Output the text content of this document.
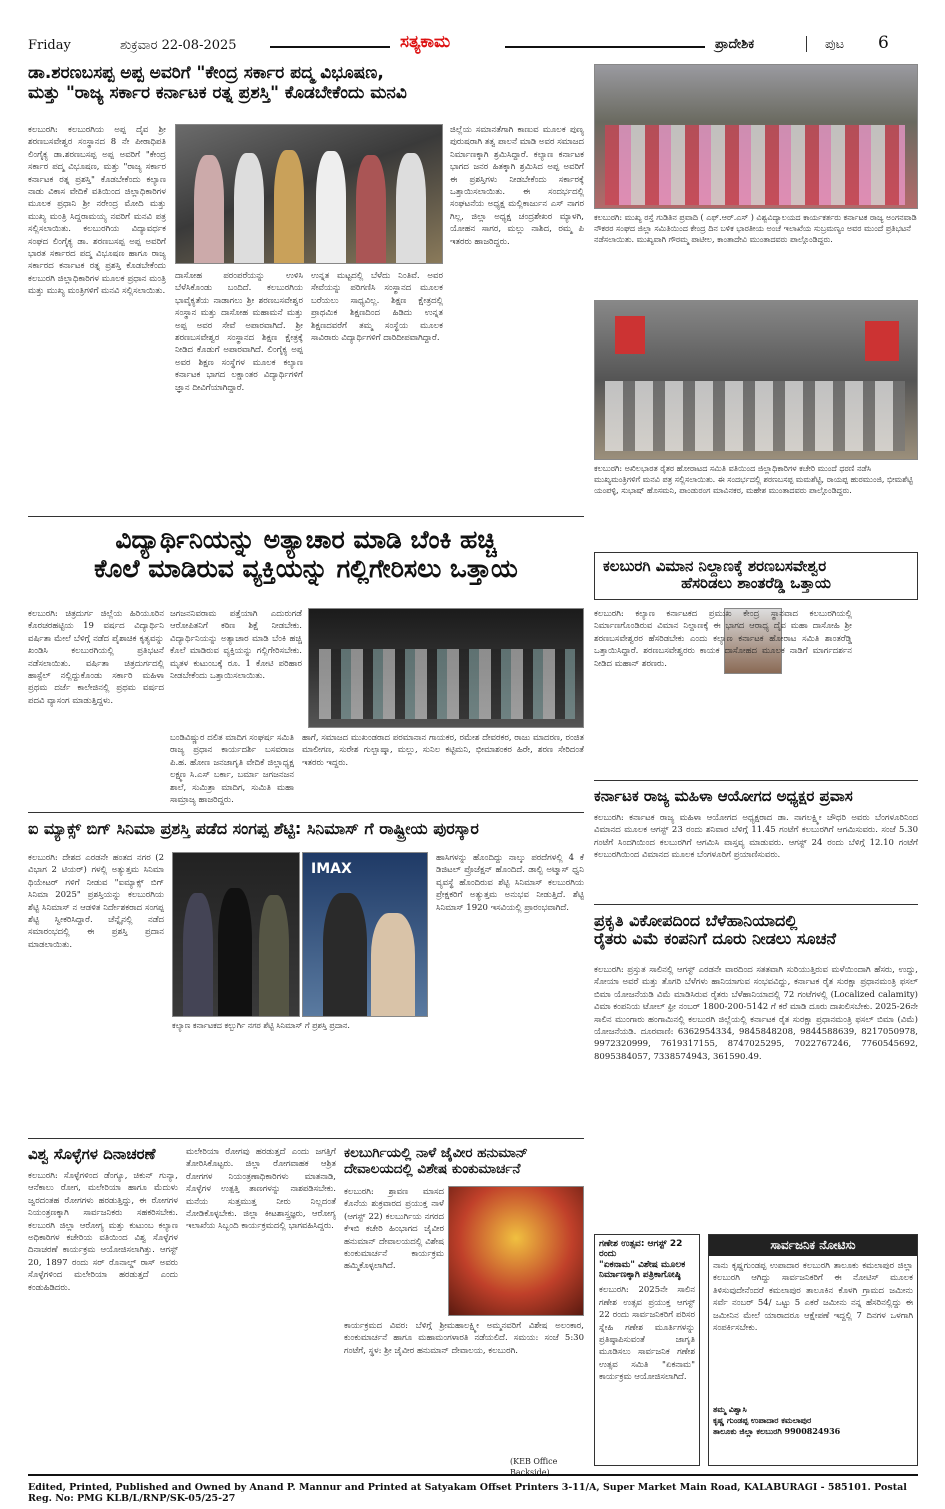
Friday	ಶುಕ್ರವಾರ 22-08-2025	ಸತ್ಯಕಾಮ	ಪ್ರಾದೇಶಿಕ	ಪುಟ 6
ಡಾ.ಶರಣಬಸಪ್ಪ ಅಪ್ಪ ಅವರಿಗೆ "ಕೇಂದ್ರ ಸರ್ಕಾರ ಪದ್ಮ ವಿಭೂಷಣ,
ಮತ್ತು "ರಾಜ್ಯ ಸರ್ಕಾರ ಕರ್ನಾಟಕ ರತ್ನ ಪ್ರಶಸ್ತಿ" ಕೊಡಬೇಕೆಂದು ಮನವಿ
ಕಲಬುರಗಿ: ಕಲಬುರಗಿಯ ಅಪ್ಪ ದೈವ ಶ್ರೀ ಶರಣಬಸವೇಶ್ವರ ಸಂಸ್ಥಾನದ 8 ನೇ ಪೀಠಾಧಿಪತಿ ಲಿಂಗೈಕ್ಯ ಡಾ.ಶರಣಬಸಪ್ಪ ಅಪ್ಪ ಅವರಿಗೆ "ಕೇಂದ್ರ ಸರ್ಕಾರ ಪದ್ಮ ವಿಭೂಷಣ, ಮತ್ತು "ರಾಜ್ಯ ಸರ್ಕಾರ ಕರ್ನಾಟಕ ರತ್ನ ಪ್ರಶಸ್ತಿ" ಕೊಡಬೇಕೆಂದು ಕಲ್ಯಾಣ ನಾಡು ವಿಕಾಸ ವೇದಿಕೆ ವತಿಯಿಂದ ಜಿಲ್ಲಾಧಿಕಾರಿಗಳ ಮೂಲಕ ಪ್ರಧಾನಿ ಶ್ರೀ ನರೇಂದ್ರ ಮೋದಿ ಮತ್ತು ಮುಖ್ಯ ಮಂತ್ರಿ ಸಿದ್ದರಾಮಯ್ಯ ನವರಿಗೆ ಮನವಿ ಪತ್ರ ಸಲ್ಲಿಸಲಾಯಿತು. ಕಲಬುರಗಿಯ ವಿದ್ಯಾವರ್ಧಕ ಸಂಘದ ಲಿಂಗೈಕ್ಯ ಡಾ. ಶರಣಬಸಪ್ಪ ಅಪ್ಪ ಅವರಿಗೆ ಭಾರತ ಸರ್ಕಾರದ ಪದ್ಮ ವಿಭೂಷಣ ಹಾಗೂ ರಾಜ್ಯ ಸರ್ಕಾರದ ಕರ್ನಾಟಕ ರತ್ನ ಪ್ರಶಸ್ತಿ ಕೊಡಬೇಕೆಂದು ಕಲಬುರಗಿ ಜಿಲ್ಲಾಧಿಕಾರಿಗಳ ಮೂಲಕ ಪ್ರಧಾನ ಮಂತ್ರಿ ಮತ್ತು ಮುಖ್ಯ ಮಂತ್ರಿಗಳಿಗೆ ಮನವಿ ಸಲ್ಲಿಸಲಾಯಿತು.
ದಾಸೋಹ ಪರಂಪರೆಯನ್ನು ಉಳಿಸಿ ಬೆಳೆಸಿಕೊಂಡು ಬಂದಿದೆ. ಕಲಬುರಗಿಯ ಭಾವೈಕ್ಯತೆಯ ನಾಡಾಗಲು ಶ್ರೀ ಶರಣಬಸವೇಶ್ವರ ಸಂಸ್ಥಾನ ಮತ್ತು ದಾಸೋಹ ಮಹಾಮನೆ ಮತ್ತು ಅಪ್ಪ ಅವರ ಸೇವೆ ಅಪಾರವಾಗಿದೆ. ಶ್ರೀ ಶರಣಬಸವೇಶ್ವರ ಸಂಸ್ಥಾನದ ಶಿಕ್ಷಣ ಕ್ಷೇತ್ರಕ್ಕೆ ನೀಡಿದ ಕೊಡುಗೆ ಅಪಾರವಾಗಿದೆ. ಲಿಂಗೈಕ್ಯ ಅಪ್ಪ ಅವರ ಶಿಕ್ಷಣ ಸಂಸ್ಥೆಗಳ ಮೂಲಕ ಕಲ್ಯಾಣ ಕರ್ನಾಟಕ ಭಾಗದ ಲಕ್ಷಾಂತರ ವಿದ್ಯಾರ್ಥಿಗಳಿಗೆ ಜ್ಞಾನ ದೀವಿಗೆಯಾಗಿದ್ದಾರೆ.
ಉನ್ನತ ಮಟ್ಟದಲ್ಲಿ ಬೆಳೆದು ನಿಂತಿವೆ. ಅವರ ಸೇವೆಯನ್ನು ಪರಿಗಣಿಸಿ ಸಂಸ್ಥಾನದ ಮೂಲಕ ಬರೆಯಲು ಸಾಧ್ಯವಿಲ್ಲ. ಶಿಕ್ಷಣ ಕ್ಷೇತ್ರದಲ್ಲಿ ಪ್ರಾಥಮಿಕ ಶಿಕ್ಷಣದಿಂದ ಹಿಡಿದು ಉನ್ನತ ಶಿಕ್ಷಣದವರೆಗೆ ತಮ್ಮ ಸಂಸ್ಥೆಯ ಮೂಲಕ ಸಾವಿರಾರು ವಿದ್ಯಾರ್ಥಿಗಳಿಗೆ ದಾರಿದೀಪವಾಗಿದ್ದಾರೆ.
ಜಿಲ್ಲೆಯ ಸಮಾನತೆಗಾಗಿ ಕಾಣುವ ಮೂಲಕ ಪುಣ್ಯ ಪುರುಷರಾಗಿ ತತ್ವ ಪಾಲನೆ ಮಾಡಿ ಅವರ ಸಮಾಜದ ನಿರ್ಮಾಣಕ್ಕಾಗಿ ಶ್ರಮಿಸಿದ್ದಾರೆ. ಕಲ್ಯಾಣ ಕರ್ನಾಟಕ ಭಾಗದ ಜನರ ಹಿತಕ್ಕಾಗಿ ಶ್ರಮಿಸಿದ ಅಪ್ಪ ಅವರಿಗೆ ಈ ಪ್ರಶಸ್ತಿಗಳು ನೀಡಬೇಕೆಂದು ಸರ್ಕಾರಕ್ಕೆ ಒತ್ತಾಯಿಸಲಾಯಿತು. ಈ ಸಂದರ್ಭದಲ್ಲಿ ಸಂಘಟನೆಯ ಅಧ್ಯಕ್ಷ ಮಲ್ಲಿಕಾರ್ಜುನ ಎಸ್ ನಾಗರ ಗಿಲ್ಲ, ಜಿಲ್ಲಾ ಅಧ್ಯಕ್ಷ ಚಂದ್ರಶೇಖರ ಮ್ಯಾಳಗಿ, ಯೋಹನ ಸಾಗರ, ಮಲ್ಲು ನಾಶಿದ, ರಮ್ಮ ಪಿ ಇತರರು ಹಾಜರಿದ್ದರು.
ಕಲಬುರಗಿ: ಮುಖ್ಯ ರಸ್ತೆ ಗುಡಿತಿನ ಪ್ರವಾದಿ ( ಎಫ್.ಆರ್.ಎಸ್ ) ವಿಶ್ವವಿದ್ಯಾಲಯದ ಕಾರ್ಯಕರ್ತರು ಕರ್ನಾಟಕ ರಾಜ್ಯ ಅಂಗನವಾಡಿ ನೌಕರರ ಸಂಘದ ಜಿಲ್ಲಾ ಸಮಿತಿಯಿಂದ ಕೇಂದ್ರ ದಿನ ಬಳಿಕ ಭಾರತೀಯ ಅಂಚೆ ಇಲಾಖೆಯ ಸುಬ್ರಮಣ್ಯಂ ಅವರ ಮುಂದೆ ಪ್ರತಿಭಟನೆ ನಡೆಸಲಾಯಿತು. ಮುಖ್ಯವಾಗಿ ಗೌರಮ್ಮ ಪಾಟೀಲ, ಕಾಂತಾದೇವಿ ಮುಂತಾದವರು ಪಾಲ್ಗೊಂಡಿದ್ದರು.
ಕಲಬುರಗಿ: ಅಖಿಲಭಾರತ ರೈತರ ಹೋರಾಟದ ಸಮಿತಿ ವತಿಯಿಂದ ಜಿಲ್ಲಾಧಿಕಾರಿಗಳ ಕಚೇರಿ ಮುಂದೆ ಧರಣಿ ನಡೆಸಿ ಮುಖ್ಯಮಂತ್ರಿಗಳಿಗೆ ಮನವಿ ಪತ್ರ ಸಲ್ಲಿಸಲಾಯಿತು. ಈ ಸಂದರ್ಭದಲ್ಲಿ ಶರಣಬಸಪ್ಪ ಮಮಶೆಟ್ಟಿ, ರಾಯಪ್ಪ ಹುರಮುಂಜಿ, ಭೀಮಶೆಟ್ಟಿ ಯಂಪಳ್ಳಿ, ಸುಭಾಷ್ ಹೊಸಮನಿ, ಪಾಂಡುರಂಗ ಮಾವಿನಕರ, ಮಹೇಶ ಮುಂತಾದವರು ಪಾಲ್ಗೊಂಡಿದ್ದರು.
ವಿದ್ಯಾರ್ಥಿನಿಯನ್ನು ಅತ್ಯಾಚಾರ ಮಾಡಿ ಬೆಂಕಿ ಹಚ್ಚಿ
ಕೊಲೆ ಮಾಡಿರುವ ವ್ಯಕ್ತಿಯನ್ನು ಗಲ್ಲಿಗೇರಿಸಲು ಒತ್ತಾಯ
ಕಲಬುರಗಿ: ಚಿತ್ರದುರ್ಗ ಜಿಲ್ಲೆಯ ಹಿರಿಯೂರಿನ ಕೊರಚರಹಟ್ಟಿಯ 19 ವರ್ಷದ ವಿದ್ಯಾರ್ಥಿನಿ ವರ್ಷಿತಾ ಮೇಲೆ ಬೆಳಿಗ್ಗೆ ನಡೆದ ಪೈಶಾಚಿಕ ಕೃತ್ಯವನ್ನು ಖಂಡಿಸಿ ಕಲಬುರಗಿಯಲ್ಲಿ ಪ್ರತಿಭಟನೆ ನಡೆಸಲಾಯಿತು. ವರ್ಷಿತಾ ಚಿತ್ರದುರ್ಗದಲ್ಲಿ ಹಾಸ್ಟೆಲ್ ನಲ್ಲಿದ್ದುಕೊಂಡು ಸರ್ಕಾರಿ ಮಹಿಳಾ ಪ್ರಥಮ ದರ್ಜೆ ಕಾಲೇಜಿನಲ್ಲಿ ಪ್ರಥಮ ವರ್ಷದ ಪದವಿ ವ್ಯಾಸಂಗ ಮಾಡುತ್ತಿದ್ದಳು.
ಜಗಜನನಿವರಾಮ ಪತ್ತೆಯಾಗಿ ಎದುರುಗಡೆ ಆರೋಪಿತನಿಗೆ ಕಠಿಣ ಶಿಕ್ಷೆ ನೀಡಬೇಕು. ವಿದ್ಯಾರ್ಥಿನಿಯನ್ನು ಅತ್ಯಾಚಾರ ಮಾಡಿ ಬೆಂಕಿ ಹಚ್ಚಿ ಕೊಲೆ ಮಾಡಿರುವ ವ್ಯಕ್ತಿಯನ್ನು ಗಲ್ಲಿಗೇರಿಸಬೇಕು. ಮೃತಳ ಕುಟುಂಬಕ್ಕೆ ರೂ. 1 ಕೋಟಿ ಪರಿಹಾರ ನೀಡಬೇಕೆಂದು ಒತ್ತಾಯಿಸಲಾಯಿತು.
ಬಂಡಿವಿಷ್ಣುರ ದಲಿತ ಮಾದಿಗ ಸಂಘರ್ಷ ಸಮಿತಿ ರಾಜ್ಯ ಪ್ರಧಾನ ಕಾರ್ಯದರ್ಶಿ ಬಸವರಾಜ ಪಿ.ಹ. ಹೋಣ ಜನಜಾಗೃತಿ ವೇದಿಕೆ ಜಿಲ್ಲಾಧ್ಯಕ್ಷ ಲಕ್ಷ್ಮಣ ಸಿ.ಎಸ್ ಬರ್ಕಾ, ಬರ್ಮಾ ಜಗಜನಜನ ಶಾಲೆ, ಸುಮಿತ್ರಾ ಮಾದಿಗ, ಸುಮಿತಿ ಮಹಾ ಸಾಮ್ರಾಜ್ಯ ಹಾಜರಿದ್ದರು.
ಹಾಗೆ, ಸಮಾಜದ ಮುಖಂಡರಾದ ಪರಮಾನಾನ ಗಾಯಕರ, ರಮೇಶ ದೇವರಕರ, ರಾಜು ಮಾದರಣ, ರಂಜಿತ ಮಾಲೀಗಣ, ಸುರೇಶ ಗುಲ್ಬಾಷ್ಕಾ, ಮಲ್ಲು, ಸುನಿಲ ಕಟ್ಟಿಮನಿ, ಭೀಮಾಶಂಕರ ಹಿರೇ, ಶರಣ ಸೇರಿದಂತೆ ಇತರರು ಇದ್ದರು.
ಐ ಮ್ಯಾಕ್ಸ್ ಬಿಗ್ ಸಿನಿಮಾ ಪ್ರಶಸ್ತಿ ಪಡೆದ ಸಂಗಪ್ಪ ಶೆಟ್ಟಿ: ಸಿನಿಮಾಸ್ ಗೆ ರಾಷ್ಟ್ರೀಯ ಪುರಸ್ಕಾರ
ಕಲಬುರಗಿ: ದೇಶದ ಎರಡನೇ ಹಂತದ ನಗರ (2 ವಿಭಾಗ 2 ಟಿಯರ್) ಗಳಲ್ಲಿ ಅತ್ಯುತ್ತಮ ಸಿನಿಮಾ ಥಿಯೇಟರ್ ಗಳಿಗೆ ನೀಡುವ "ಐಮ್ಯಾಕ್ಸ್ ಬಿಗ್ ಸಿನಿಮಾ 2025" ಪ್ರಶಸ್ತಿಯನ್ನು ಕಲಬುರಗಿಯ ಶೆಟ್ಟಿ ಸಿನಿಮಾಸ್ ನ ಆಡಳಿತ ನಿರ್ದೇಶಕರಾದ ಸಂಗಪ್ಪ ಶೆಟ್ಟಿ ಸ್ವೀಕರಿಸಿದ್ದಾರೆ. ಚೆನ್ನೈನಲ್ಲಿ ನಡೆದ ಸಮಾರಂಭದಲ್ಲಿ ಈ ಪ್ರಶಸ್ತಿ ಪ್ರದಾನ ಮಾಡಲಾಯಿತು.
IMAX
ಕಲ್ಯಾಣ ಕರ್ನಾಟಕದ ಕಲ್ಬುರ್ಗಿ ನಗರ ಶೆಟ್ಟಿ ಸಿನಿಮಾಸ್ ಗೆ ಪ್ರಶಸ್ತಿ ಪ್ರದಾನ.
ಹಾಸಿಗಳನ್ನು ಹೊಂದಿದ್ದು ನಾಲ್ಕು ಪರದೆಗಳಲ್ಲಿ 4 ಕೆ ಡಿಜಿಟಲ್ ಪ್ರೊಜೆಕ್ಷನ್ ಹೊಂದಿದೆ. ಡಾಲ್ಬಿ ಅಟ್ಮಾಸ್ ಧ್ವನಿ ವ್ಯವಸ್ಥೆ ಹೊಂದಿರುವ ಶೆಟ್ಟಿ ಸಿನಿಮಾಸ್ ಕಲಬುರಗಿಯ ಪ್ರೇಕ್ಷಕರಿಗೆ ಅತ್ಯುತ್ತಮ ಅನುಭವ ನೀಡುತ್ತಿದೆ. ಶೆಟ್ಟಿ ಸಿನಿಮಾಸ್ 1920 ಇಸವಿಯಲ್ಲಿ ಪ್ರಾರಂಭವಾಗಿದೆ.
ಕಲಬುರಗಿ ವಿಮಾನ ನಿಲ್ದಾಣಕ್ಕೆ ಶರಣಬಸವೇಶ್ವರ
ಹೆಸರಿಡಲು ಶಾಂತರೆಡ್ಡಿ ಒತ್ತಾಯ
ಕಲಬುರಗಿ: ಕಲ್ಯಾಣ ಕರ್ನಾಟಕದ ಪ್ರಮುಖ ಕೇಂದ್ರ ಸ್ಥಾನವಾದ ಕಲಬುರಗಿಯಲ್ಲಿ ನಿರ್ಮಾಣಗೊಂಡಿರುವ ವಿಮಾನ ನಿಲ್ದಾಣಕ್ಕೆ ಈ ಭಾಗದ ಆರಾಧ್ಯ ದೈವ ಮಹಾ ದಾಸೋಹಿ ಶ್ರೀ ಶರಣಬಸವೇಶ್ವರರ ಹೆಸರಿಡಬೇಕು ಎಂದು ಕಲ್ಯಾಣ ಕರ್ನಾಟಕ ಹೋರಾಟ ಸಮಿತಿ ಶಾಂತರೆಡ್ಡಿ ಒತ್ತಾಯಿಸಿದ್ದಾರೆ. ಶರಣಬಸವೇಶ್ವರರು ಕಾಯಕ ದಾಸೋಹದ ಮೂಲಕ ನಾಡಿಗೆ ಮಾರ್ಗದರ್ಶನ ನೀಡಿದ ಮಹಾನ್ ಶರಣರು.
ಕರ್ನಾಟಕ ರಾಜ್ಯ ಮಹಿಳಾ ಆಯೋಗದ ಅಧ್ಯಕ್ಷರ ಪ್ರವಾಸ
ಕಲಬುರಗಿ: ಕರ್ನಾಟಕ ರಾಜ್ಯ ಮಹಿಳಾ ಆಯೋಗದ ಅಧ್ಯಕ್ಷರಾದ ಡಾ. ನಾಗಲಕ್ಷ್ಮೀ ಚೌಧರಿ ಅವರು ಬೆಂಗಳೂರಿನಿಂದ ವಿಮಾನದ ಮೂಲಕ ಆಗಸ್ಟ್ 23 ರಂದು ಶನಿವಾರ ಬೆಳಿಗ್ಗೆ 11.45 ಗಂಟೆಗೆ ಕಲಬುರಗಿಗೆ ಆಗಮಿಸುವರು. ಸಂಜೆ 5.30 ಗಂಟೆಗೆ ಸಿಂದಗಿಯಿಂದ ಕಲಬುರಗಿಗೆ ಆಗಮಿಸಿ ವಾಸ್ತವ್ಯ ಮಾಡುವರು. ಆಗಸ್ಟ್ 24 ರಂದು ಬೆಳಿಗ್ಗೆ 12.10 ಗಂಟೆಗೆ ಕಲಬುರಗಿಯಿಂದ ವಿಮಾನದ ಮೂಲಕ ಬೆಂಗಳೂರಿಗೆ ಪ್ರಯಾಣಿಸುವರು.
ಪ್ರಕೃತಿ ವಿಕೋಪದಿಂದ ಬೆಳೆಹಾನಿಯಾದಲ್ಲಿ
ರೈತರು ವಿಮೆ ಕಂಪನಿಗೆ ದೂರು ನೀಡಲು ಸೂಚನೆ
ಕಲಬುರಗಿ: ಪ್ರಸ್ತುತ ಸಾಲಿನಲ್ಲಿ ಆಗಸ್ಟ್ ಎರಡನೇ ವಾರದಿಂದ ಸತತವಾಗಿ ಸುರಿಯುತ್ತಿರುವ ಮಳೆಯಿಂದಾಗಿ ಹೆಸರು, ಉದ್ದು, ಸೋಯಾ ಅವರೆ ಮತ್ತು ತೊಗರಿ ಬೆಳೆಗಳು ಹಾನಿಯಾಗುವ ಸಂಭವವಿದ್ದು, ಕರ್ನಾಟಕ ರೈತ ಸುರಕ್ಷಾ ಪ್ರಧಾನಮಂತ್ರಿ ಫಸಲ್ ಬಿಮಾ ಯೋಜನೆಯಡಿ ವಿಮೆ ಮಾಡಿಸಿರುವ ರೈತರು ಬೆಳೆಹಾನಿಯಾದಲ್ಲಿ 72 ಗಂಟೆಗಳಲ್ಲಿ (Localized calamity) ವಿಮಾ ಕಂಪನಿಯ ಟೋಲ್ ಫ್ರೀ ನಂಬರ್ 1800-200-5142 ಗೆ ಕರೆ ಮಾಡಿ ದೂರು ದಾಖಲಿಸಬೇಕು. 2025-26ನೇ ಸಾಲಿನ ಮುಂಗಾರು ಹಂಗಾಮಿನಲ್ಲಿ ಕಲಬುರಗಿ ಜಿಲ್ಲೆಯಲ್ಲಿ ಕರ್ನಾಟಕ ರೈತ ಸುರಕ್ಷಾ ಪ್ರಧಾನಮಂತ್ರಿ ಫಸಲ್ ಬಿಮಾ (ವಿಮೆ) ಯೋಜನೆಯಡಿ. ದೂರವಾಣಿ: 6362954334, 9845848208, 9844588639, 8217050978, 9972320999, 7619317155, 8747025295, 7022767246, 7760545692, 8095384057, 7338574943, 361590.49.
ವಿಶ್ವ ಸೊಳ್ಳೆಗಳ ದಿನಾಚರಣೆ
ಕಲಬುರಗಿ: ಸೊಳ್ಳೆಗಳಿಂದ ಡೆಂಗ್ಯೂ, ಚಿಕುನ್ ಗುನ್ಯಾ, ಆನೆಕಾಲು ರೋಗ, ಮಲೇರಿಯಾ ಹಾಗೂ ಮೆದುಳು ಜ್ವರದಂತಹ ರೋಗಗಳು ಹರಡುತ್ತಿದ್ದು, ಈ ರೋಗಗಳ ನಿಯಂತ್ರಣಕ್ಕಾಗಿ ಸಾರ್ವಜನಿಕರು ಸಹಕರಿಸಬೇಕು. ಕಲಬುರಗಿ ಜಿಲ್ಲಾ ಆರೋಗ್ಯ ಮತ್ತು ಕುಟುಂಬ ಕಲ್ಯಾಣ ಅಧಿಕಾರಿಗಳ ಕಚೇರಿಯ ವತಿಯಿಂದ ವಿಶ್ವ ಸೊಳ್ಳೆಗಳ ದಿನಾಚರಣೆ ಕಾರ್ಯಕ್ರಮ ಆಯೋಜಿಸಲಾಗಿತ್ತು. ಆಗಸ್ಟ್ 20, 1897 ರಂದು ಸರ್ ರೊನಾಲ್ಡ್ ರಾಸ್ ಅವರು ಸೊಳ್ಳೆಗಳಿಂದ ಮಲೇರಿಯಾ ಹರಡುತ್ತದೆ ಎಂದು ಕಂಡುಹಿಡಿದರು.
ಮಲೇರಿಯಾ ರೋಗವು ಹರಡುತ್ತದೆ ಎಂದು ಜಗತ್ತಿಗೆ ತೋರಿಸಿಕೊಟ್ಟರು. ಜಿಲ್ಲಾ ರೋಗವಾಹಕ ಆಶ್ರಿತ ರೋಗಗಳ ನಿಯಂತ್ರಣಾಧಿಕಾರಿಗಳು ಮಾತನಾಡಿ, ಸೊಳ್ಳೆಗಳ ಉತ್ಪತ್ತಿ ತಾಣಗಳನ್ನು ನಾಶಪಡಿಸಬೇಕು. ಮನೆಯ ಸುತ್ತಮುತ್ತ ನೀರು ನಿಲ್ಲದಂತೆ ನೋಡಿಕೊಳ್ಳಬೇಕು. ಜಿಲ್ಲಾ ಕೀಟಶಾಸ್ತ್ರಜ್ಞರು, ಆರೋಗ್ಯ ಇಲಾಖೆಯ ಸಿಬ್ಬಂದಿ ಕಾರ್ಯಕ್ರಮದಲ್ಲಿ ಭಾಗವಹಿಸಿದ್ದರು.
ಕಲಬುರ್ಗಿಯಲ್ಲಿ ನಾಳೆ ಜೈವೀರ ಹನುಮಾನ್
ದೇವಾಲಯದಲ್ಲಿ ವಿಶೇಷ ಕುಂಕುಮಾರ್ಚನೆ
ಕಲಬುರಗಿ: ಶ್ರಾವಣ ಮಾಸದ ಕೊನೆಯ ಶುಕ್ರವಾರದ ಪ್ರಯುಕ್ತ ನಾಳೆ (ಆಗಸ್ಟ್ 22) ಕಲಬುರ್ಗಿಯ ನಗರದ ಕೆಇಬಿ ಕಚೇರಿ ಹಿಂಭಾಗದ ಜೈವೀರ ಹನುಮಾನ್ ದೇವಾಲಯದಲ್ಲಿ ವಿಶೇಷ ಕುಂಕುಮಾರ್ಚನೆ ಕಾರ್ಯಕ್ರಮ ಹಮ್ಮಿಕೊಳ್ಳಲಾಗಿದೆ.
ಕಾರ್ಯಕ್ರಮದ ವಿವರ: ಬೆಳಿಗ್ಗೆ ಶ್ರೀಮಹಾಲಕ್ಷ್ಮೀ ಅಮ್ಮನವರಿಗೆ ವಿಶೇಷ ಅಲಂಕಾರ, ಕುಂಕುಮಾರ್ಚನೆ ಹಾಗೂ ಮಹಾಮಂಗಳಾರತಿ ನಡೆಯಲಿದೆ. ಸಮಯ: ಸಂಜೆ 5:30 ಗಂಟೆಗೆ, ಸ್ಥಳ: ಶ್ರೀ ಜೈವೀರ ಹನುಮಾನ್ ದೇವಾಲಯ, ಕಲಬುರಗಿ.
(KEB Office Backside).
ಗಣೇಶ ಉತ್ಸವ: ಆಗಸ್ಟ್ 22 ರಂದು
"ಏಕನಾಮ" ವಿಶೇಷ ಮೂಲಕ
ನಿರ್ಮಾಣಕ್ಕಾಗಿ ಪತ್ರಿಕಾಗೋಷ್ಠಿ
ಕಲಬುರಗಿ: 2025ನೇ ಸಾಲಿನ ಗಣೇಶ ಉತ್ಸವ ಪ್ರಯುಕ್ತ ಆಗಸ್ಟ್ 22 ರಂದು ಸಾರ್ವಜನಿಕರಿಗೆ ಪರಿಸರ ಸ್ನೇಹಿ ಗಣೇಶ ಮೂರ್ತಿಗಳನ್ನು ಪ್ರತಿಷ್ಠಾಪಿಸುವಂತೆ ಜಾಗೃತಿ ಮೂಡಿಸಲು ಸಾರ್ವಜನಿಕ ಗಣೇಶ ಉತ್ಸವ ಸಮಿತಿ "ಏಕನಾಮ" ಕಾರ್ಯಕ್ರಮ ಆಯೋಜಿಸಲಾಗಿದೆ.
ಸಾರ್ವಜನಿಕ ನೋಟಿಸು
ನಾನು ಕೃಷ್ಣಗುಂಡಪ್ಪ ಉಪಾದಾರ ಕಲಬುರಗಿ ತಾಲೂಕು ಕಮಲಾಪುರ ಜಿಲ್ಲಾ ಕಲಬುರಗಿ ಆಗಿದ್ದು ಸಾರ್ವಜನಿಕರಿಗೆ ಈ ನೋಟಿಸ್ ಮೂಲಕ ತಿಳಿಸುವುದೇನೆಂದರೆ ಕಮಲಾಪುರ ತಾಲೂಕಿನ ಕೊಳಗಿ ಗ್ರಾಮದ ಜಮೀನು ಸರ್ವೆ ನಂಬರ್ 54/ ಒಟ್ಟು 5 ಎಕರೆ ಜಮೀನು ನನ್ನ ಹೆಸರಿನಲ್ಲಿದ್ದು ಈ ಜಮೀನಿನ ಮೇಲೆ ಯಾರಾದರೂ ಆಕ್ಷೇಪಣೆ ಇದ್ದಲ್ಲಿ 7 ದಿನಗಳ ಒಳಗಾಗಿ ಸಂಪರ್ಕಿಸಬೇಕು.
ತಮ್ಮ ವಿಶ್ವಾಸಿ
ಕೃಷ್ಣ ಗುಂಡಪ್ಪ ಉಪಾದಾರ ಕಮಲಾಪುರ
ತಾಲೂಕು ಜಿಲ್ಲಾ ಕಲಬುರಗಿ 9900824936
Edited, Printed, Published and Owned by Anand P. Mannur and Printed at Satyakam Offset Printers 3-11/A, Super Market Main Road, KALABURAGI - 585101. Postal Reg. No: PMG KLB/L/RNP/SK-05/25-27
